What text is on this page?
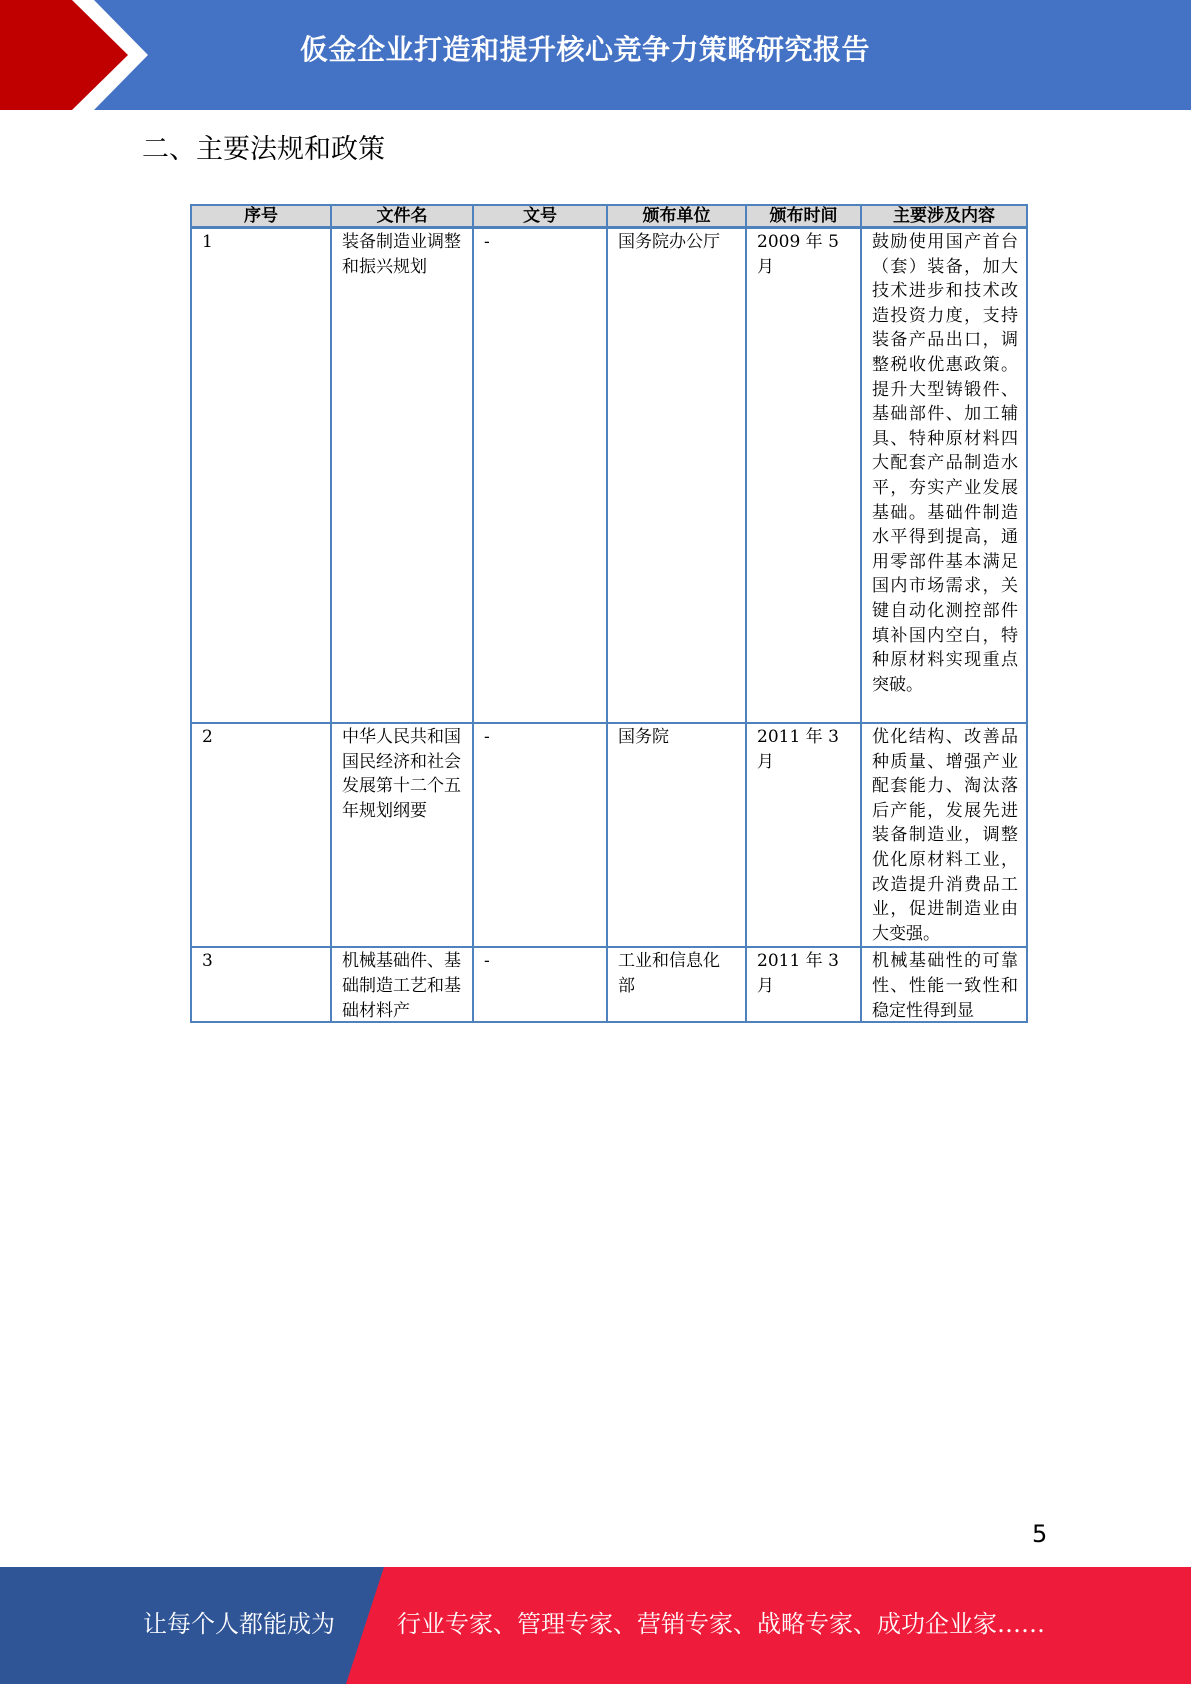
仮金企业打造和提升核心竞争力策略研究报告
二、主要法规和政策
序号	文件名	文号	颁布单位	颁布时间	主要涉及内容
1	装备制造业调整和振兴规划	-	国务院办公厅	2009 年 5 月	鼓励使用国产首台（套）装备，加大技术进步和技术改造投资力度，支持装备产品出口，调整税收优惠政策。提升大型铸锻件、基础部件、加工辅具、特种原材料四大配套产品制造水平，夯实产业发展基础。基础件制造水平得到提高，通用零部件基本满足国内市场需求，关键自动化测控部件填补国内空白，特种原材料实现重点突破。
2	中华人民共和国国民经济和社会发展第十二个五年规划纲要	-	国务院	2011 年 3 月	优化结构、改善品种质量、增强产业配套能力、淘汰落后产能，发展先进装备制造业，调整优化原材料工业，改造提升消费品工业，促进制造业由大变强。
3	机械基础件、基础制造工艺和基础材料产	-	工业和信息化部	2011 年 3 月	机械基础性的可靠性、性能一致性和稳定性得到显
5
让每个人都能成为	行业专家、管理专家、营销专家、战略专家、成功企业家……
